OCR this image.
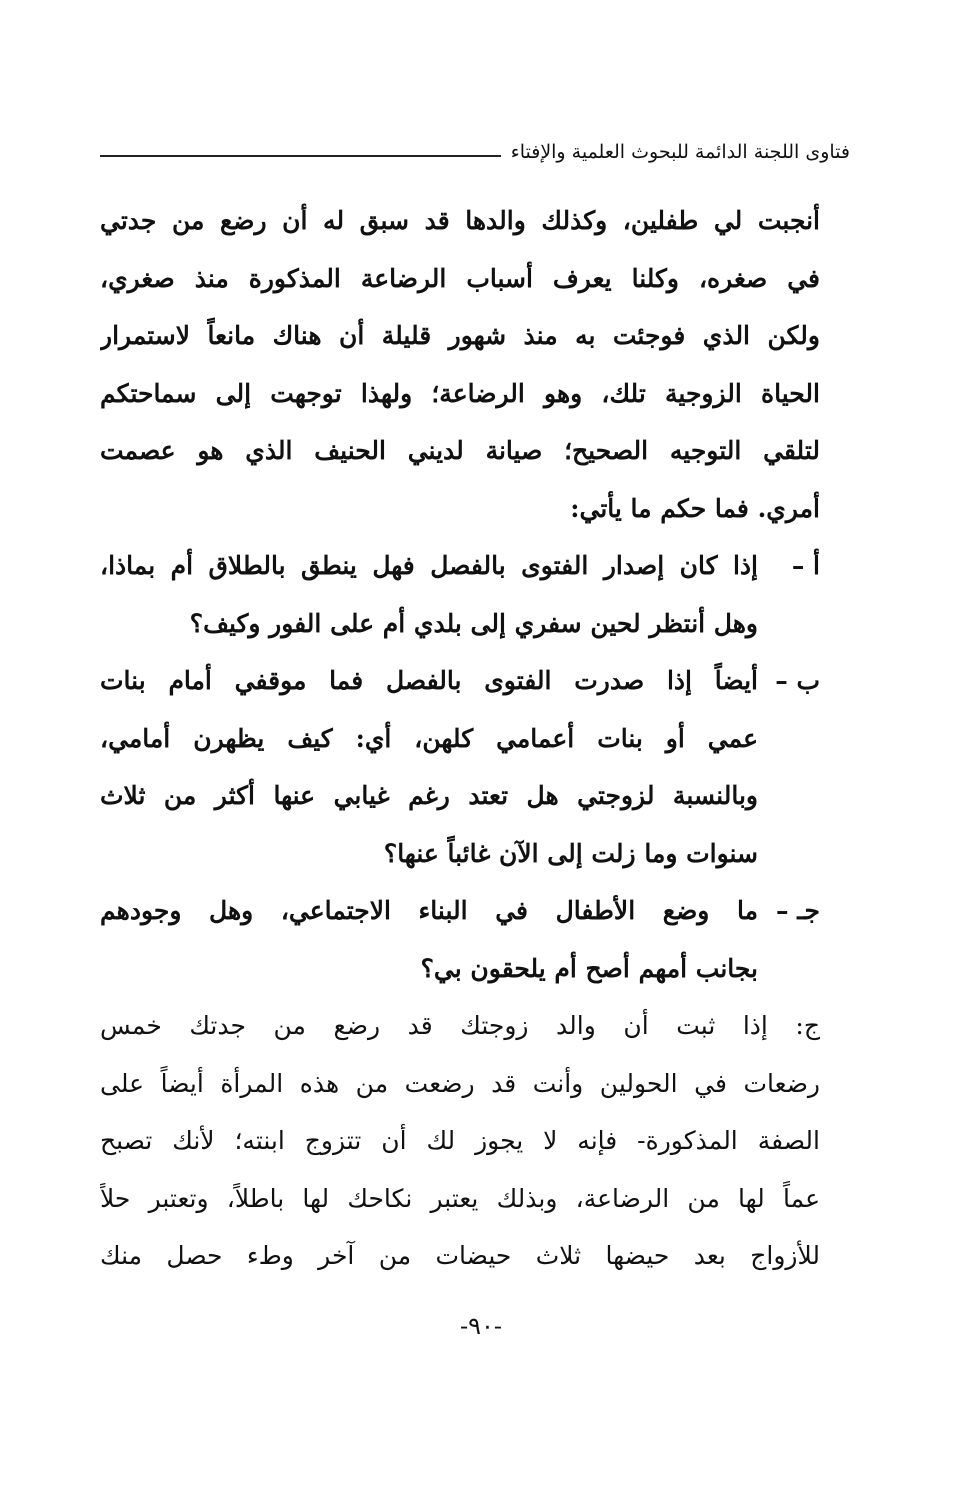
فتاوى اللجنة الدائمة للبحوث العلمية والإفتاء
أنجبت لي طفلين، وكذلك والدها قد سبق له أن رضع من جدتي
في صغره، وكلنا يعرف أسباب الرضاعة المذكورة منذ صغري،
ولكن الذي فوجئت به منذ شهور قليلة أن هناك مانعاً لاستمرار
الحياة الزوجية تلك، وهو الرضاعة؛ ولهذا توجهت إلى سماحتكم
لتلقي التوجيه الصحيح؛ صيانة لديني الحنيف الذي هو عصمت
أمري. فما حكم ما يأتي:
أ –
إذا كان إصدار الفتوى بالفصل فهل ينطق بالطلاق أم بماذا،
وهل أنتظر لحين سفري إلى بلدي أم على الفور وكيف؟
ب –
أيضاً إذا صدرت الفتوى بالفصل فما موقفي أمام بنات
عمي أو بنات أعمامي كلهن، أي: كيف يظهرن أمامي،
وبالنسبة لزوجتي هل تعتد رغم غيابي عنها أكثر من ثلاث
سنوات وما زلت إلى الآن غائباً عنها؟
جـ –
ما وضع الأطفال في البناء الاجتماعي، وهل وجودهم
بجانب أمهم أصح أم يلحقون بي؟
ج: إذا ثبت أن والد زوجتك قد رضع من جدتك خمس
رضعات في الحولين وأنت قد رضعت من هذه المرأة أيضاً على
الصفة المذكورة- فإنه لا يجوز لك أن تتزوج ابنته؛ لأنك تصبح
عماً لها من الرضاعة، وبذلك يعتبر نكاحك لها باطلاً، وتعتبر حلاً
للأزواج بعد حيضها ثلاث حيضات من آخر وطء حصل منك
-٩٠-
